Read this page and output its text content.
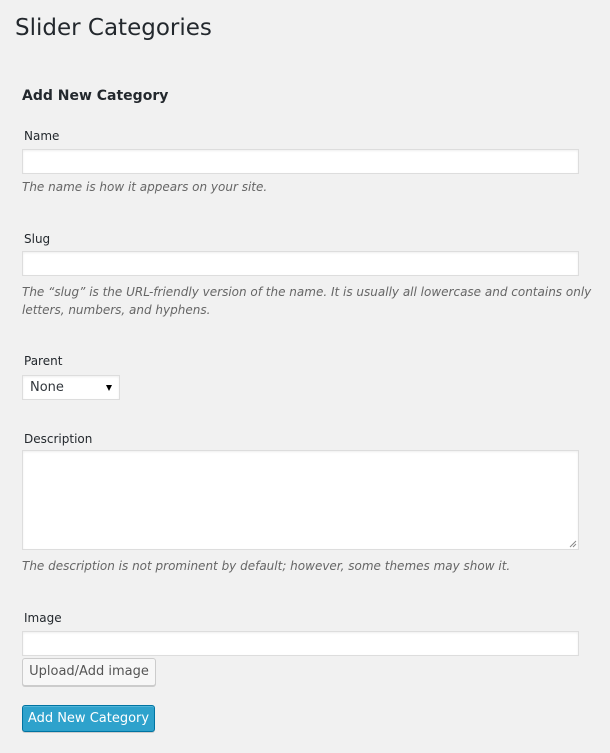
Slider Categories
Add New Category
Name
The name is how it appears on your site.
Slug
The “slug” is the URL-friendly version of the name. It is usually all lowercase and contains only letters, numbers, and hyphens.
Parent
None
Description
The description is not prominent by default; however, some themes may show it.
Image
Upload/Add image
Add New Category
